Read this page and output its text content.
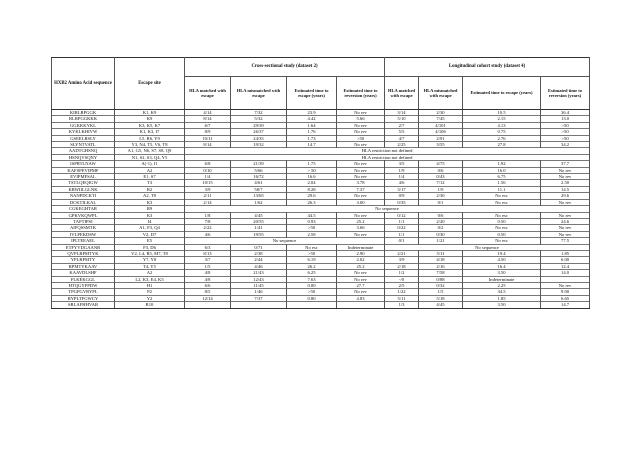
HXB2 Amino Acid sequence	Escape site	Cross-sectional study (dataset 2)				Longitudinal cohort study (dataset 4)			
		HLA matched with escape	HLA mismatched with escape	Estimated time to escape (years)	Estimated time to reversion (years)	HLA matched with escape	HLA mismatched with escape	Estimated time to escape (years)	Estimated time to reversion (years)
KIRLRPGGK	K1, K9	4/14	7/32	23.9	No rev	3/14	2/30	10.5	36.4
RLRPGGKKK	K9	8/14	5/32	4.42	5.66	5/10	7/45	2.15	13.0
GGKKKYKL	K3, K5, K7	6/7	29/39	1.64	No rev	2/7	4/101	4.13	>50
KYKLKHIVW	K1, K3, I7	8/9	26/37	1.76	No rev	5/5	4/106	0.75	>50
GSEELRSLY	L5, R6, Y9	10/11	24/35	1.73	>50	4/7	2/91	2.76	>50
SLYNTVATL	Y3, N4, T5, V6, T8	8/14	19/32	14.7	No rev	2/25	3/55	27.8	34.2
AADTGHSNQ	A1, G5, N6, S7, S8, Q9	HLA restriction not defined							
HSNQVSQNY	N1, S2, S3, Q4, Y5	HLA restriction not defined							
ISPRTLNAW	A(-1), I1	6/8	21/39	1.75	No rev	3/5	4/75	1.92	37.7
KAFSPEVIPMF	A2	0/10	5/66	> 50	No rev	1/9	0/6	16.0	No rev
EVIPMFSAL	E1, S7	1/4	16/72	16.6	No rev	1/4	0/43	6.75	No rev
TSTLQEQIGW	T3	10/15	4/61	2.04	3.78	4/6	7/12	1.56	2.50
KRWIILGLNK	R2	3/9	58/7	8.28	7.37	3/17	1/9	11.1	14.5
NANPDCKTI	A2, T8	2/11	13/65	29.6	No rev	0/9	2/30	No esc	29.6
DCKTILKAL	K3	2/14	1/62	26.3	3.00	0/35	0/1	No esc	No rev
CGKEGHTAR	R9	No sequence							
GPKVKQWPL	K3	1/8	4/45	44.5	No rev	0/12	0/6	No esc	No rev
TAFTIPSI	I4	7/8	20/55	0.93	25.2	1/1	2/20	0.50	24.6
AIFQSSMTK	A1, F3, Q4	2/22	1/41	>50	3.66	0/22	0/2	No esc	No rev
IVLPEKDSW	V2, D7	4/6	19/55	2.58	No rev	1/1	0/30	0.50	No rev
IPLTEEAEL	E5	No sequence				0/1	1/21	No esc	77.5
ETFYVDGAANR	F3, D6	6/3	0/71	No esc	Indeterminate	No sequence			
QVPLRPMTYK	V2, L4, R5, M7, T8	8/13	2/38	>50	2.90	2/21	5/11	19.4	1.85
YPLRPMTY	Y7, Y8	3/7	2/44	6.19	2.02	3/9	4/18	4.50	6.00
RPMTYKAAV	T4, Y5	1/5	4/46	26.2	25.2	2/18	2/16	16.4	12.4
KAAVDLSHF	A2	4/8	21/43	6.25	No rev	1/2	7/58	3.50	14.0
FLKEKGGL	L2, K3, E4, K5	4/8	12/43	7.63	No rev	-/0	0/88	Indeterminate	
HTQGYFPDW	H1	6/6	11/45	0.00	27.7	2/5	0/32	2.25	No rev
TPGPGVRYPL	P2	8/5	1/46	>50	No rev	1/22	1/5	34.5	9.00
RYPLTFGWCY	Y2	12/14	7/37	0.80	4.83	5/11	5/18	1.85	6.65
SRLAFHHVAR	R10					1/3	4/45	3.50	14.7
